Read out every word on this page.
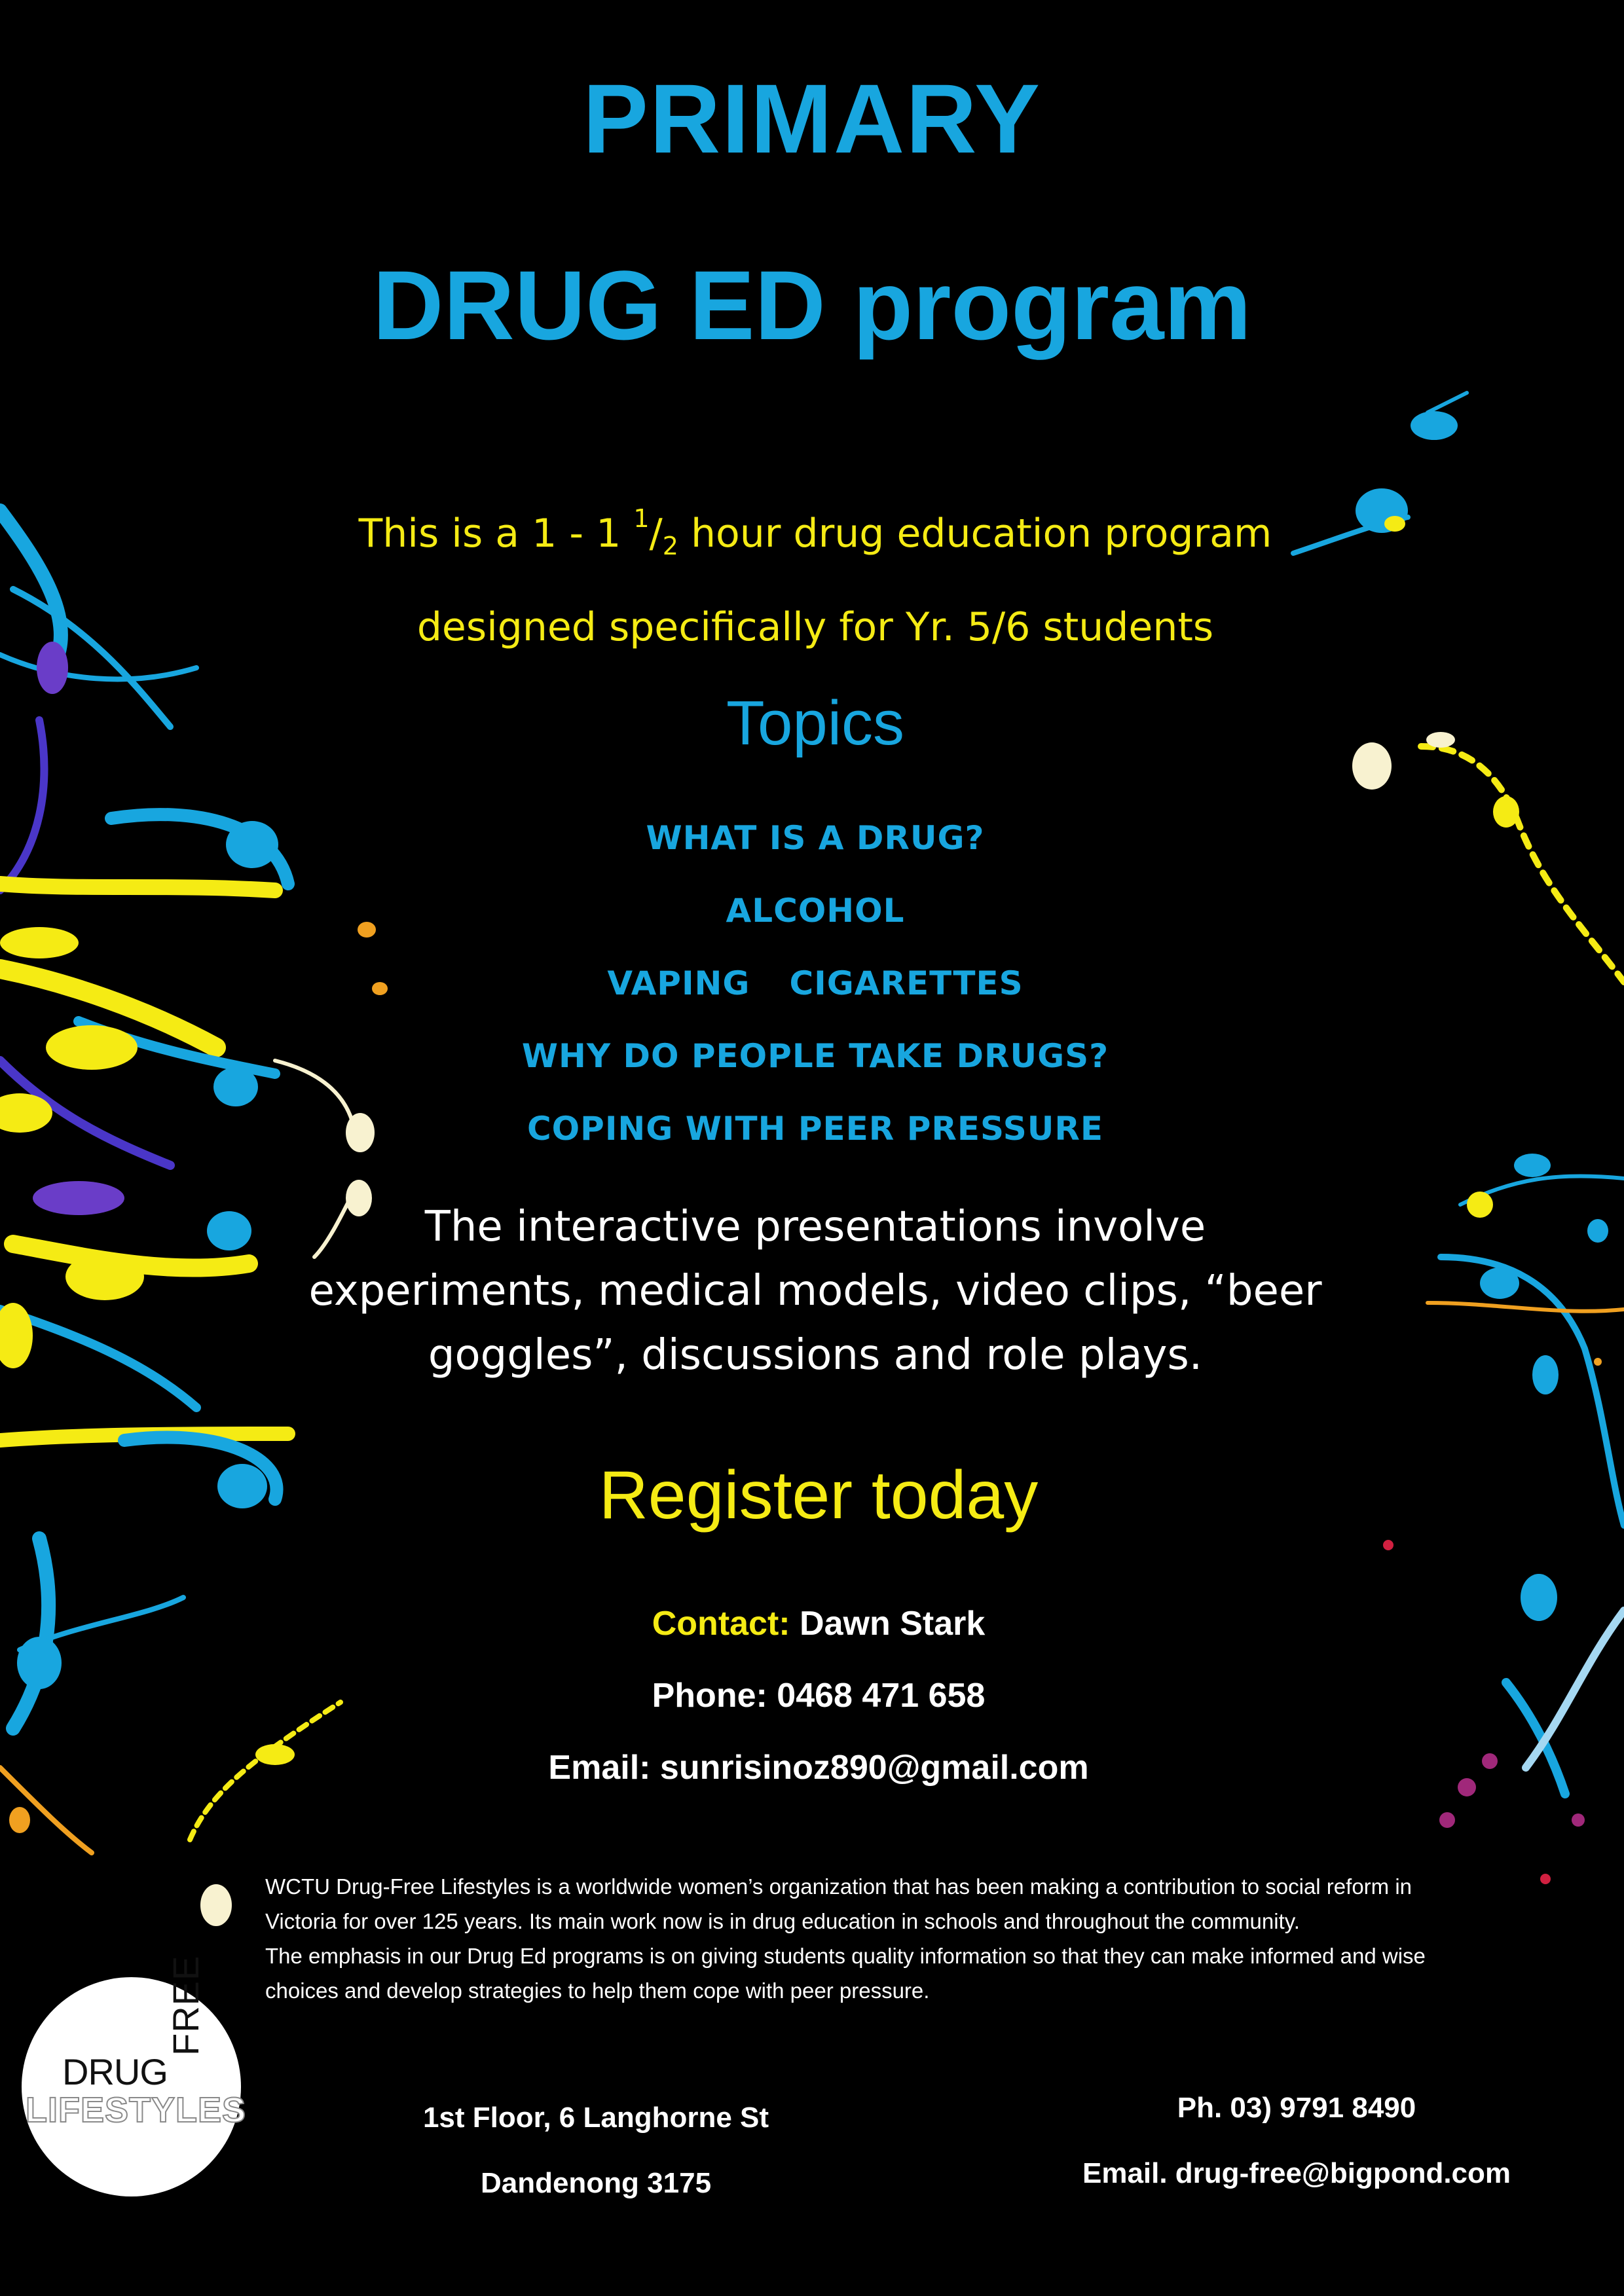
PRIMARY
DRUG ED program
This is a 1 - 1 $^1/_2$ hour drug education program
designed specifically for Yr. 5/6 students
Topics
WHAT IS A DRUG?
ALCOHOL
VAPING CIGARETTES
WHY DO PEOPLE TAKE DRUGS?
COPING WITH PEER PRESSURE
The interactive presentations involve
experiments, medical models, video clips, “beer
goggles”, discussions and role plays.
Register today
Contact: Dawn Stark
Phone: 0468 471 658
Email: sunrisinoz890@gmail.com

WCTU Drug-Free Lifestyles is a worldwide women’s organization that has been making a contribution to social reform in

Victoria for over 125 years. Its main work now is in drug education in schools and throughout the community.

The emphasis in our Drug Ed programs is on giving students quality information so that they can make informed and wise

choices and develop strategies to help them cope with peer pressure.

DRUG
FREE
LIFESTYLES	1st Floor, 6 Langhorne St
Dandenong 3175
Ph. 03) 9791 8490
Email. drug-free@bigpond.com
